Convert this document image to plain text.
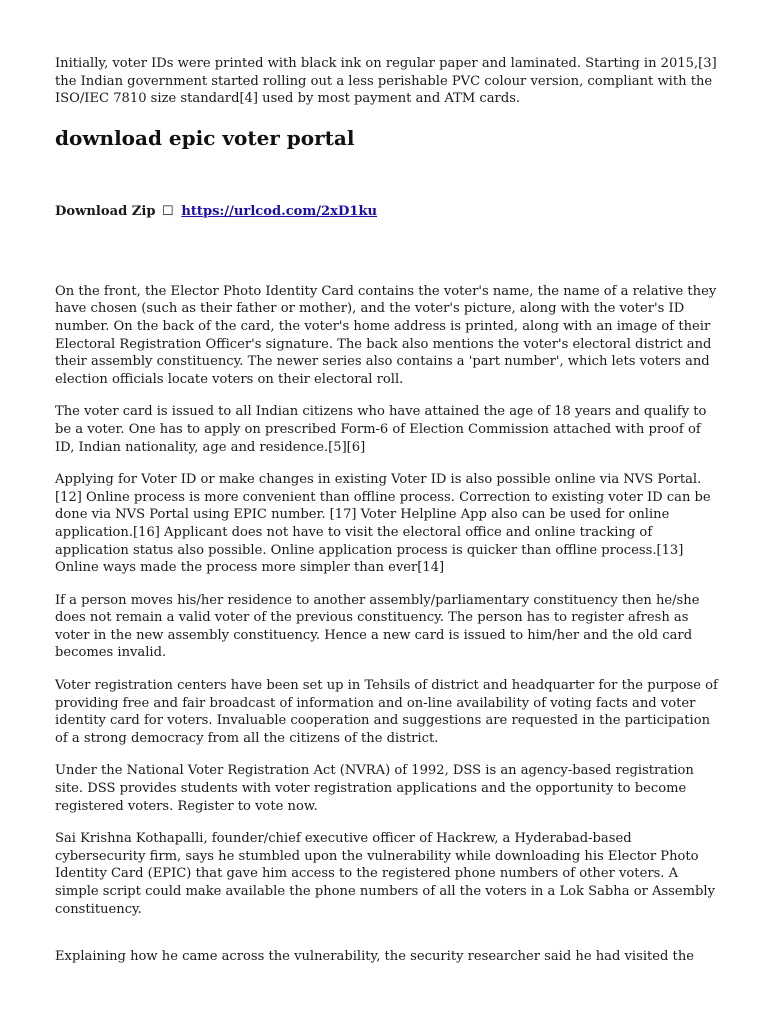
Initially, voter IDs were printed with black ink on regular paper and laminated. Starting in 2015,[3] the Indian government started rolling out a less perishable PVC colour version, compliant with the ISO/IEC 7810 size standard[4] used by most payment and ATM cards.

download epic voter portal
Download Zip ☐ https://urlcod.com/2xD1ku

On the front, the Elector Photo Identity Card contains the voter's name, the name of a relative they have chosen (such as their father or mother), and the voter's picture, along with the voter's ID number. On the back of the card, the voter's home address is printed, along with an image of their Electoral Registration Officer's signature. The back also mentions the voter's electoral district and their assembly constituency. The newer series also contains a 'part number', which lets voters and election officials locate voters on their electoral roll.

The voter card is issued to all Indian citizens who have attained the age of 18 years and qualify to be a voter. One has to apply on prescribed Form-6 of Election Commission attached with proof of ID, Indian nationality, age and residence.[5][6]

Applying for Voter ID or make changes in existing Voter ID is also possible online via NVS Portal.[12] Online process is more convenient than offline process. Correction to existing voter ID can be done via NVS Portal using EPIC number. [17] Voter Helpline App also can be used for online application.[16] Applicant does not have to visit the electoral office and online tracking of application status also possible. Online application process is quicker than offline process.[13] Online ways made the process more simpler than ever[14]

If a person moves his/her residence to another assembly/parliamentary constituency then he/she does not remain a valid voter of the previous constituency. The person has to register afresh as voter in the new assembly constituency. Hence a new card is issued to him/her and the old card becomes invalid.

Voter registration centers have been set up in Tehsils of district and headquarter for the purpose of providing free and fair broadcast of information and on-line availability of voting facts and voter identity card for voters. Invaluable cooperation and suggestions are requested in the participation of a strong democracy from all the citizens of the district.

Under the National Voter Registration Act (NVRA) of 1992, DSS is an agency-based registration site. DSS provides students with voter registration applications and the opportunity to become registered voters. Register to vote now.

Sai Krishna Kothapalli, founder/chief executive officer of Hackrew, a Hyderabad-based cybersecurity firm, says he stumbled upon the vulnerability while downloading his Elector Photo Identity Card (EPIC) that gave him access to the registered phone numbers of other voters. A simple script could make available the phone numbers of all the voters in a Lok Sabha or Assembly constituency.

Explaining how he came across the vulnerability, the security researcher said he had visited the
